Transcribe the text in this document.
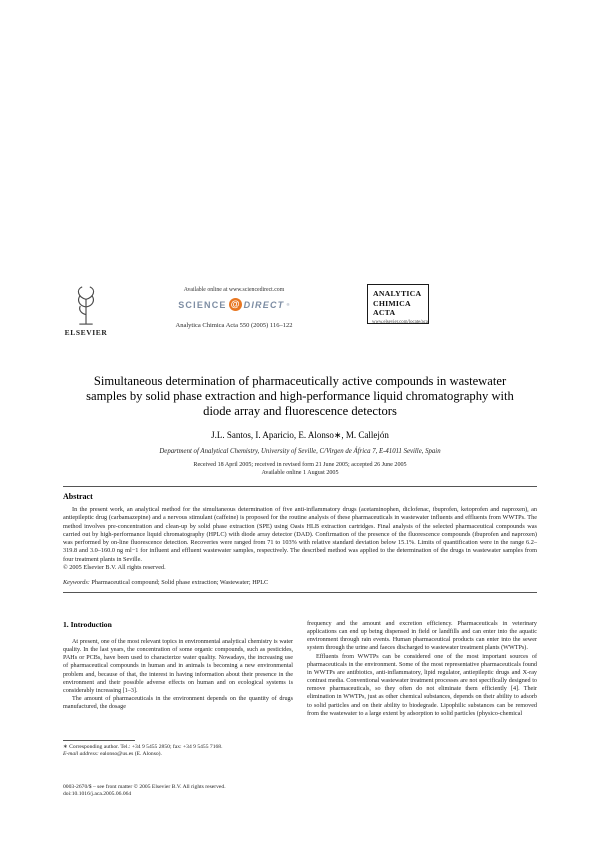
ELSEVIER

Available online at www.sciencedirect.com

SCIENCE @ DIRECT ®

Analytica Chimica Acta 550 (2005) 116–122

ANALYTICA
CHIMICA
ACTA

www.elsevier.com/locate/aca

Simultaneous determination of pharmaceutically active compounds in wastewater samples by solid phase extraction and high-performance liquid chromatography with diode array and fluorescence detectors

J.L. Santos, I. Aparicio, E. Alonso∗, M. Callejón

Department of Analytical Chemistry, University of Seville, C/Virgen de África 7, E-41011 Seville, Spain

Received 18 April 2005; received in revised form 21 June 2005; accepted 26 June 2005

Available online 1 August 2005

Abstract

In the present work, an analytical method for the simultaneous determination of five anti-inflammatory drugs (acetaminophen, diclofenac, ibuprofen, ketoprofen and naproxen), an antiepileptic drug (carbamazepine) and a nervous stimulant (caffeine) is proposed for the routine analysis of these pharmaceuticals in wastewater influents and effluents from WWTPs. The method involves pre-concentration and clean-up by solid phase extraction (SPE) using Oasis HLB extraction cartridges. Final analysis of the selected pharmaceutical compounds was carried out by high-performance liquid chromatography (HPLC) with diode array detector (DAD). Confirmation of the presence of the fluorescence compounds (ibuprofen and naproxen) was performed by on-line fluorescence detection. Recoveries were ranged from 71 to 103% with relative standard deviation below 15.1%. Limits of quantification were in the range 6.2–319.8 and 3.0–160.0 ng ml−1 for influent and effluent wastewater samples, respectively. The described method was applied to the determination of the drugs in wastewater samples from four treatment plants in Seville.

© 2005 Elsevier B.V. All rights reserved.

Keywords: Pharmaceutical compound; Solid phase extraction; Wastewater; HPLC

1. Introduction

At present, one of the most relevant topics in environmental analytical chemistry is water quality. In the last years, the concentration of some organic compounds, such as pesticides, PAHs or PCBs, have been used to characterize water quality. Nowadays, the increasing use of pharmaceutical compounds in human and in animals is becoming a new environmental problem and, because of that, the interest in having information about their presence in the environment and their possible adverse effects on human and on ecological systems is considerably increasing [1–3].

The amount of pharmaceuticals in the environment depends on the quantity of drugs manufactured, the dosage

frequency and the amount and excretion efficiency. Pharmaceuticals in veterinary applications can end up being dispensed in field or landfills and can enter into the aquatic environment through rain events. Human pharmaceutical products can enter into the sewer system through the urine and faeces discharged to wastewater treatment plants (WWTPs).

Effluents from WWTPs can be considered one of the most important sources of pharmaceuticals in the environment. Some of the most representative pharmaceuticals found in WWTPs are antibiotics, anti-inflammatory, lipid regulator, antiepileptic drugs and X-ray contrast media. Conventional wastewater treatment processes are not specifically designed to remove pharmaceuticals, so they often do not eliminate them efficiently [4]. Their elimination in WWTPs, just as other chemical substances, depends on their ability to adsorb to solid particles and on their ability to biodegrade. Lipophilic substances can be removed from the wastewater to a large extent by adsorption to solid particles (physico-chemical

∗ Corresponding author. Tel.: +34 9 5455 2850; fax: +34 9 5455 7168.

E-mail address: ealonso@us.es (E. Alonso).

0003-2670/$ – see front matter © 2005 Elsevier B.V. All rights reserved.

doi:10.1016/j.aca.2005.06.064
